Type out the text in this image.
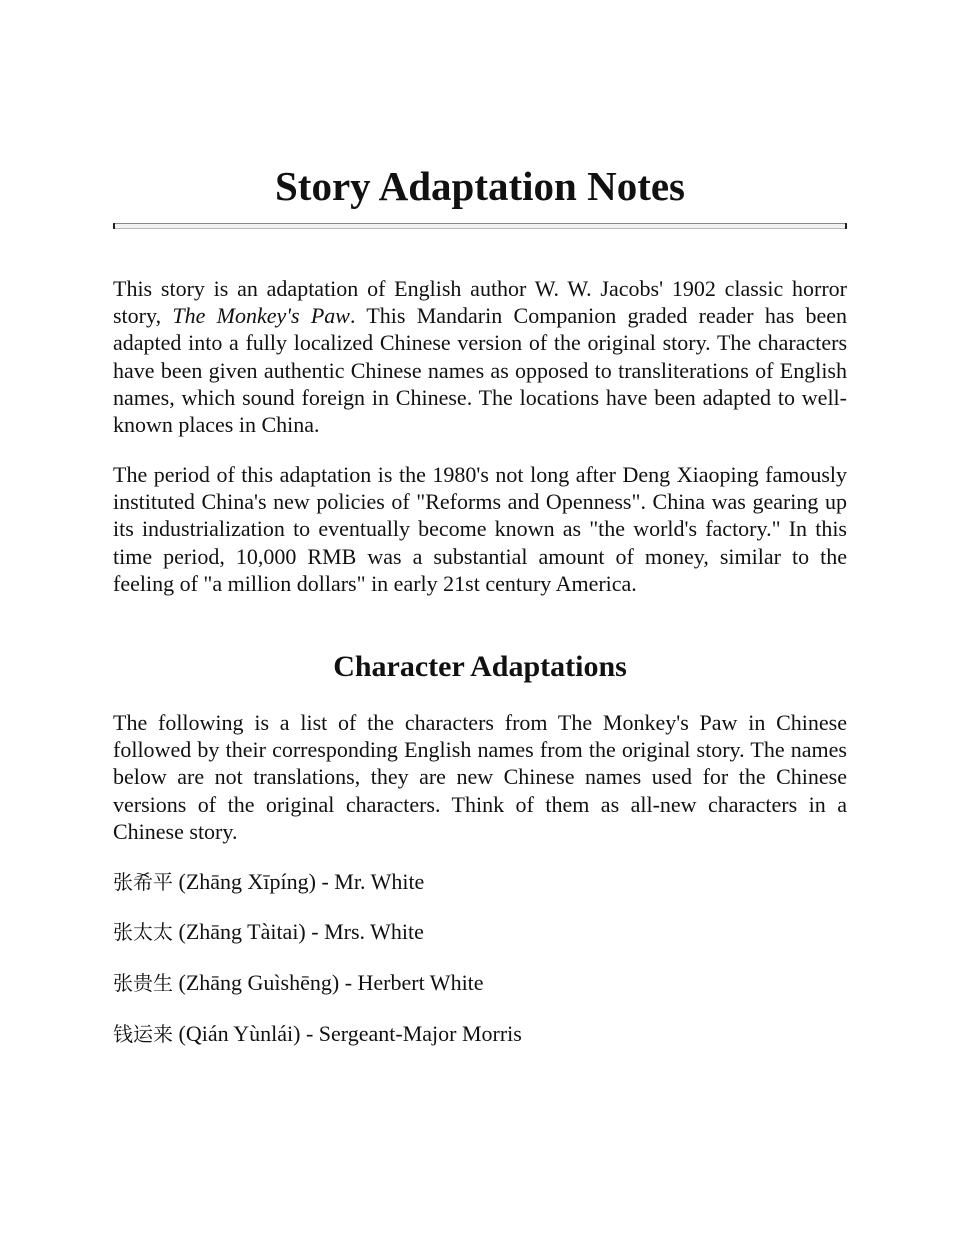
Story Adaptation Notes

This story is an adaptation of English author W. W. Jacobs' 1902 classic horror story, The Monkey's Paw. This Mandarin Companion graded reader has been adapted into a fully localized Chinese version of the original story. The characters have been given authentic Chinese names as opposed to transliterations of English names, which sound foreign in Chinese. The locations have been adapted to well-known places in China.

The period of this adaptation is the 1980's not long after Deng Xiaoping famously instituted China's new policies of "Reforms and Openness". China was gearing up its industrialization to eventually become known as "the world's factory." In this time period, 10,000 RMB was a substantial amount of money, similar to the feeling of "a million dollars" in early 21st century America.

Character Adaptations

The following is a list of the characters from The Monkey's Paw in Chinese followed by their corresponding English names from the original story. The names below are not translations, they are new Chinese names used for the Chinese versions of the original characters. Think of them as all-new characters in a Chinese story.

张希平 (Zhāng Xīpíng) - Mr. White
张太太 (Zhāng Tàitai) - Mrs. White
张贵生 (Zhāng Guìshēng) - Herbert White
钱运来 (Qián Yùnlái) - Sergeant-Major Morris
